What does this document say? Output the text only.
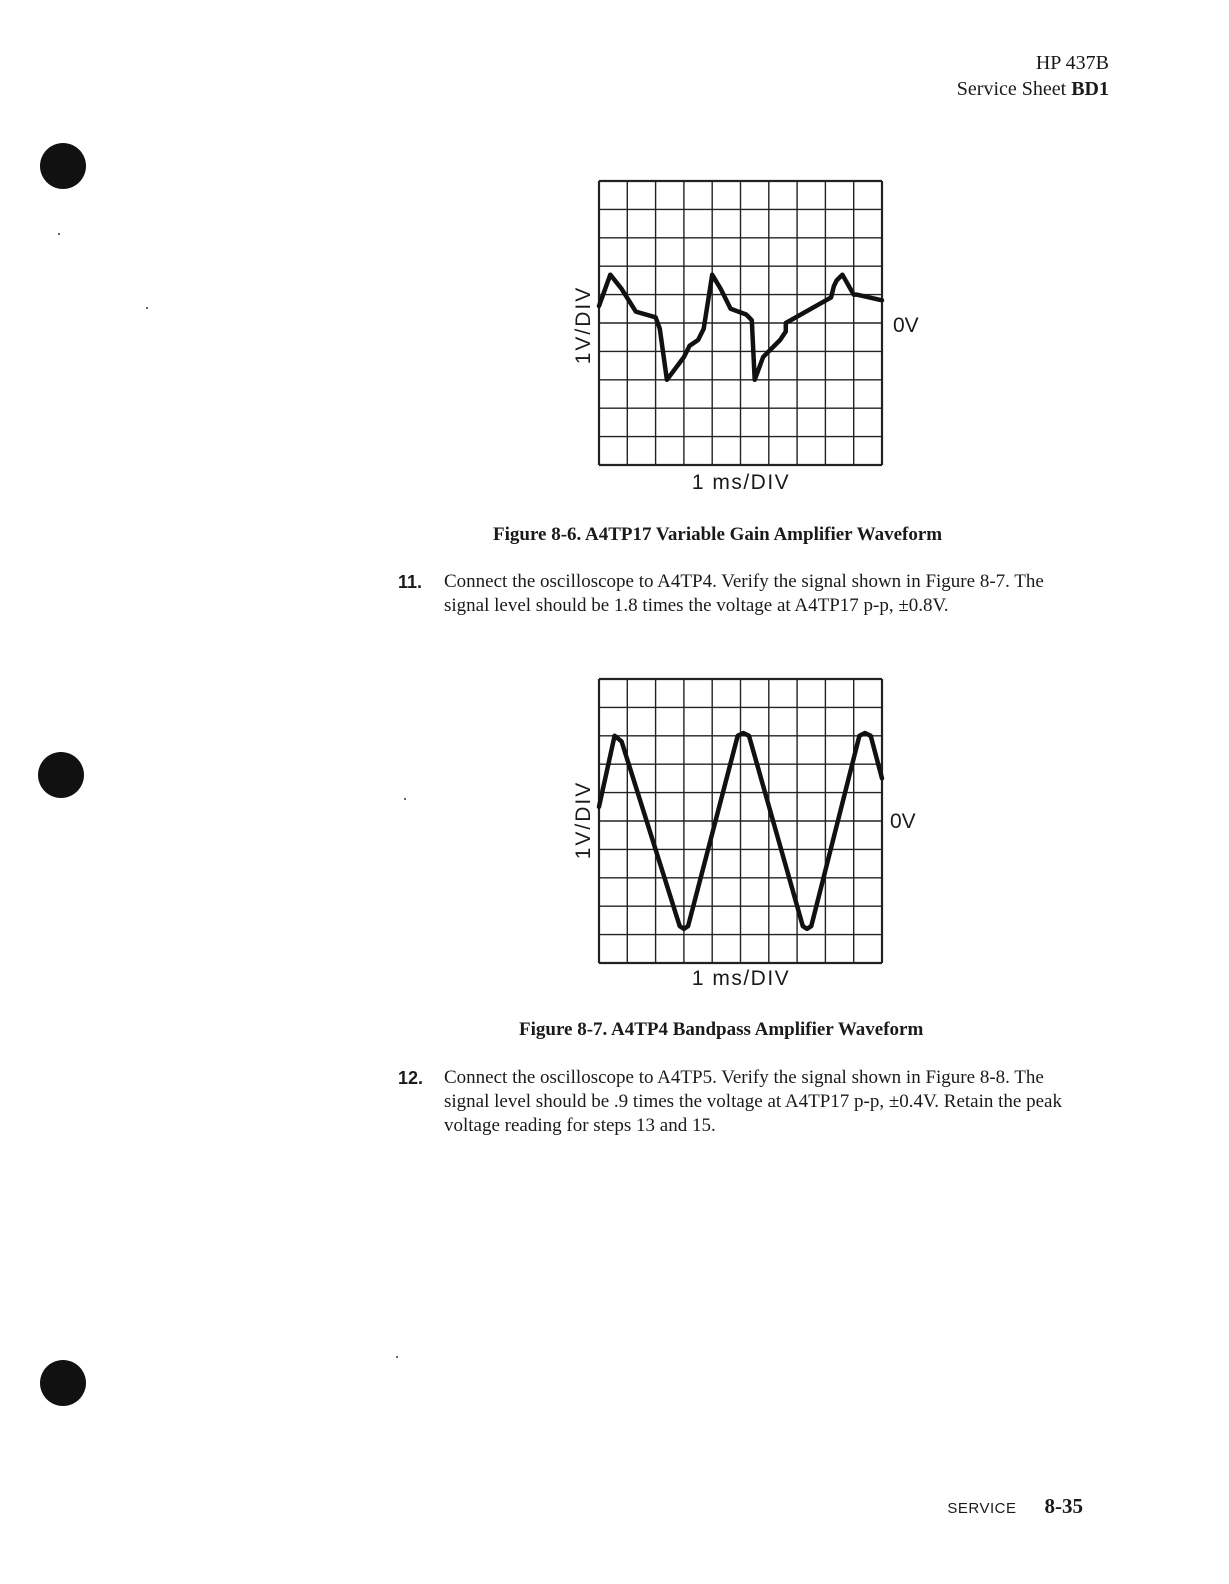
HP 437B
Service Sheet BD1
1V/DIV	0V
1 ms/DIV
Figure 8-6. A4TP17 Variable Gain Amplifier Waveform
11. Connect the oscilloscope to A4TP4. Verify the signal shown in Figure 8-7. The signal level should be 1.8 times the voltage at A4TP17 p-p, ±0.8V.
1V/DIV	0V
1 ms/DIV
Figure 8-7. A4TP4 Bandpass Amplifier Waveform
12. Connect the oscilloscope to A4TP5. Verify the signal shown in Figure 8-8. The signal level should be .9 times the voltage at A4TP17 p-p, ±0.4V. Retain the peak voltage reading for steps 13 and 15.
SERVICE 8-35
